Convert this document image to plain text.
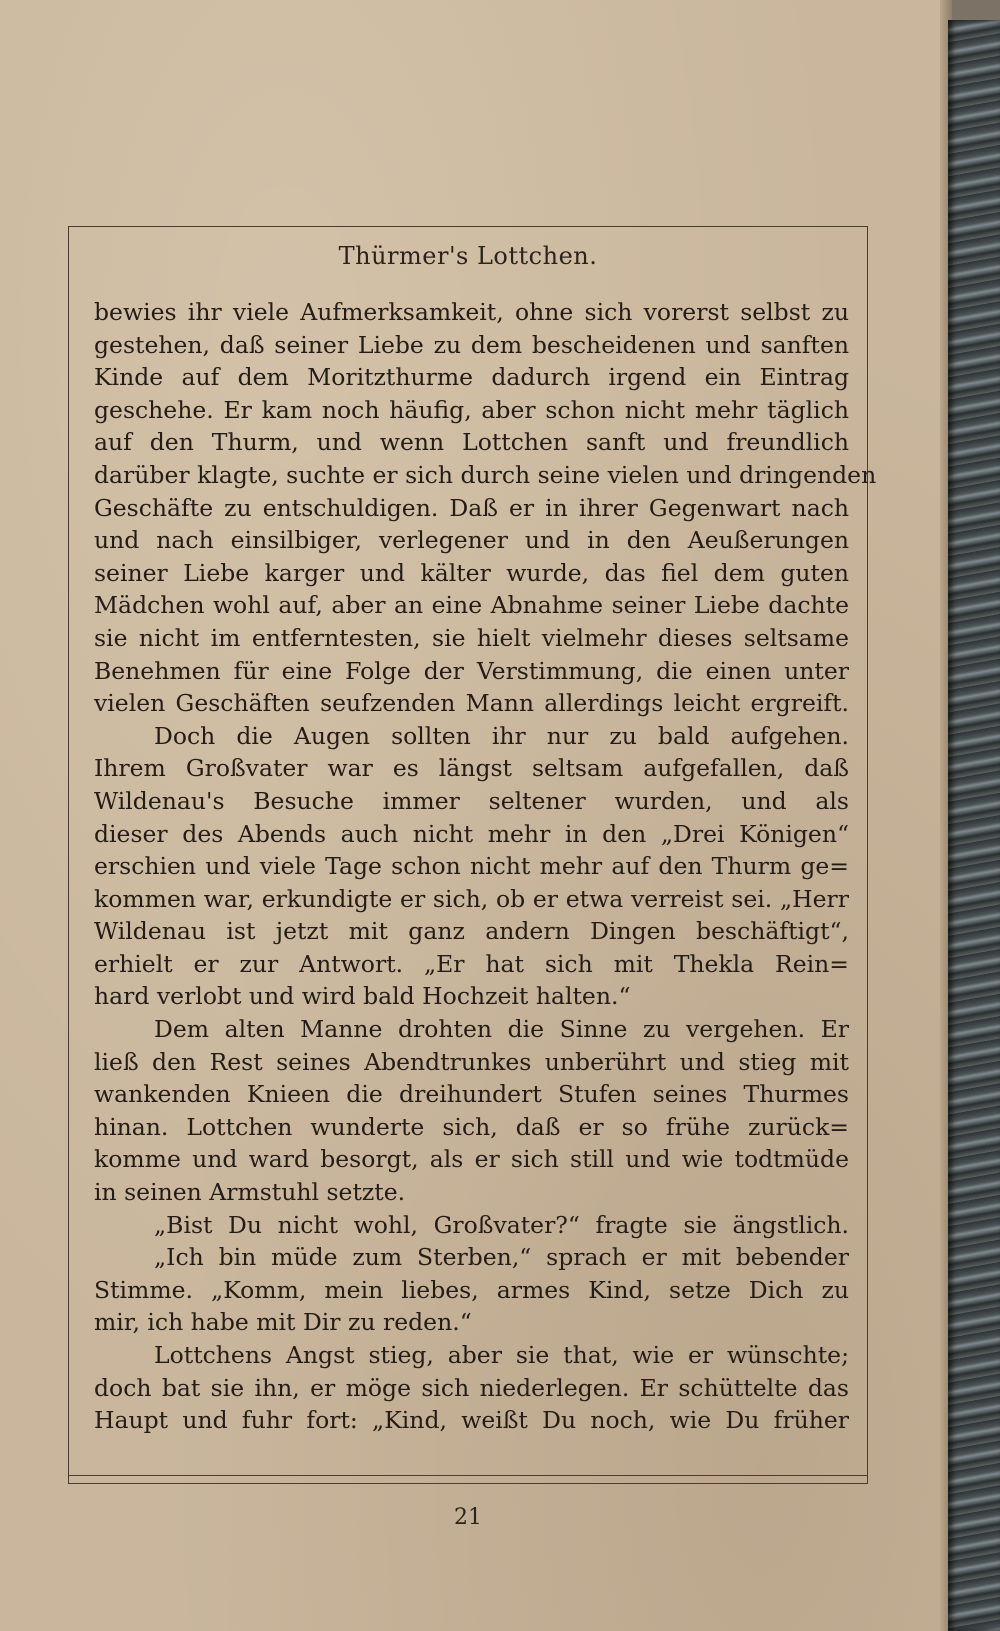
Thürmer's Lottchen.
bewies ihr viele Aufmerksamkeit, ohne sich vorerst selbst zu
gestehen, daß seiner Liebe zu dem bescheidenen und sanften
Kinde auf dem Moritzthurme dadurch irgend ein Eintrag
geschehe. Er kam noch häufig, aber schon nicht mehr täglich
auf den Thurm, und wenn Lottchen sanft und freundlich
darüber klagte, suchte er sich durch seine vielen und dringenden
Geschäfte zu entschuldigen. Daß er in ihrer Gegenwart nach
und nach einsilbiger, verlegener und in den Aeußerungen
seiner Liebe karger und kälter wurde, das fiel dem guten
Mädchen wohl auf, aber an eine Abnahme seiner Liebe dachte
sie nicht im entferntesten, sie hielt vielmehr dieses seltsame
Benehmen für eine Folge der Verstimmung, die einen unter
vielen Geschäften seufzenden Mann allerdings leicht ergreift.
Doch die Augen sollten ihr nur zu bald aufgehen.
Ihrem Großvater war es längst seltsam aufgefallen, daß
Wildenau's Besuche immer seltener wurden, und als
dieser des Abends auch nicht mehr in den „Drei Königen“
erschien und viele Tage schon nicht mehr auf den Thurm ge=
kommen war, erkundigte er sich, ob er etwa verreist sei. „Herr
Wildenau ist jetzt mit ganz andern Dingen beschäftigt“,
erhielt er zur Antwort. „Er hat sich mit Thekla Rein=
hard verlobt und wird bald Hochzeit halten.“
Dem alten Manne drohten die Sinne zu vergehen. Er
ließ den Rest seines Abendtrunkes unberührt und stieg mit
wankenden Knieen die dreihundert Stufen seines Thurmes
hinan. Lottchen wunderte sich, daß er so frühe zurück=
komme und ward besorgt, als er sich still und wie todtmüde
in seinen Armstuhl setzte.
„Bist Du nicht wohl, Großvater?“ fragte sie ängstlich.
„Ich bin müde zum Sterben,“ sprach er mit bebender
Stimme. „Komm, mein liebes, armes Kind, setze Dich zu
mir, ich habe mit Dir zu reden.“
Lottchens Angst stieg, aber sie that, wie er wünschte;
doch bat sie ihn, er möge sich niederlegen. Er schüttelte das
Haupt und fuhr fort: „Kind, weißt Du noch, wie Du früher
21
